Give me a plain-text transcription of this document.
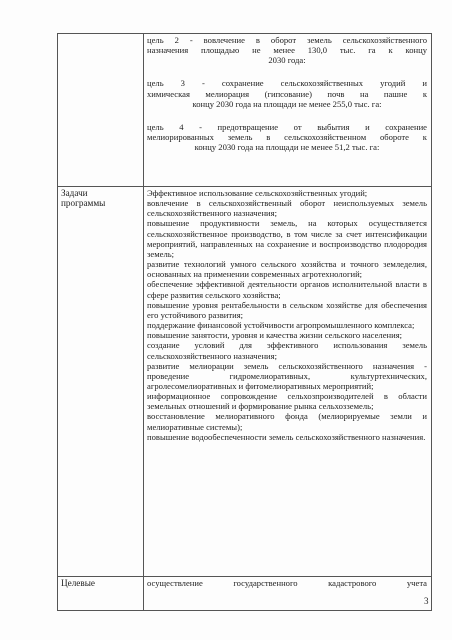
цель 2 - вовлечение в оборот земель сельскохозяйственного
назначения площадью не менее 130,0 тыс. га к концу
2030 года:
цель 3 - сохранение сельскохозяйственных угодий и
химическая мелиорация (гипсование) почв на пашне к
концу 2030 года на площади не менее 255,0 тыс. га:
цель 4 - предотвращение от выбытия и сохранение
мелиорированных земель в сельскохозяйственном обороте к
концу 2030 года на площади не менее 51,2 тыс. га:
Задачи
программы
Эффективное использование сельскохозяйственных угодий;
вовлечение в сельскохозяйственный оборот неиспользуемых земель сельскохозяйственного назначения;
повышение продуктивности земель, на которых осуществляется сельскохозяйственное производство, в том числе за счет интенсификации мероприятий, направленных на сохранение и воспроизводство плодородия земель;
развитие технологий умного сельского хозяйства и точного земледелия, основанных на применении современных агротехнологий;
обеспечение эффективной деятельности органов исполнительной власти в сфере развития сельского хозяйства;
повышение уровня рентабельности в сельском хозяйстве для обеспечения его устойчивого развития;
поддержание финансовой устойчивости агропромышленного комплекса;
повышение занятости, уровня и качества жизни сельского населения;
создание условий для эффективного использования земель сельскохозяйственного назначения;
развитие мелиорации земель сельскохозяйственного назначения - проведение гидромелиоративных, культуртехнических, агролесомелиоративных и фитомелиоративных мероприятий;
информационное сопровождение сельхозпроизводителей в области земельных отношений и формирование рынка сельхозземель;
восстановление мелиоративного фонда (мелиорируемые земли и мелиоративные системы);
повышение водообеспеченности земель сельскохозяйственного назначения.
Целевые	осуществление государственного кадастрового учета
3
